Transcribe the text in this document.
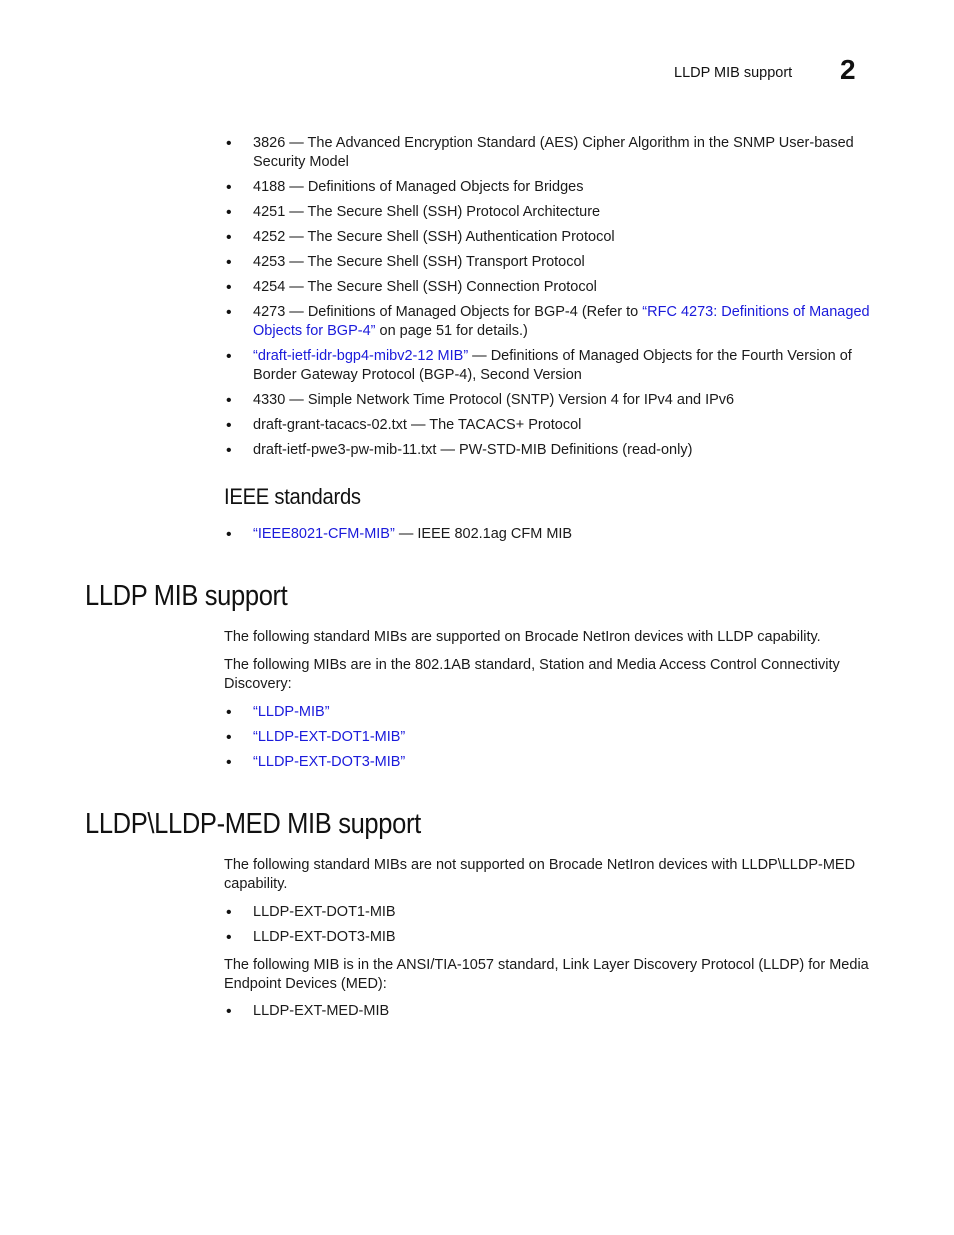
LLDP MIB support 2
• 3826 — The Advanced Encryption Standard (AES) Cipher Algorithm in the SNMP User-based Security Model
• 4188 — Definitions of Managed Objects for Bridges
• 4251 — The Secure Shell (SSH) Protocol Architecture
• 4252 — The Secure Shell (SSH) Authentication Protocol
• 4253 — The Secure Shell (SSH) Transport Protocol
• 4254 — The Secure Shell (SSH) Connection Protocol
• 4273 — Definitions of Managed Objects for BGP-4 (Refer to “RFC 4273: Definitions of Managed Objects for BGP-4” on page 51 for details.)
• “draft-ietf-idr-bgp4-mibv2-12 MIB” — Definitions of Managed Objects for the Fourth Version of Border Gateway Protocol (BGP-4), Second Version
• 4330 — Simple Network Time Protocol (SNTP) Version 4 for IPv4 and IPv6
• draft-grant-tacacs-02.txt — The TACACS+ Protocol
• draft-ietf-pwe3-pw-mib-11.txt — PW-STD-MIB Definitions (read-only)
IEEE standards
• “IEEE8021-CFM-MIB” — IEEE 802.1ag CFM MIB
LLDP MIB support

The following standard MIBs are supported on Brocade NetIron devices with LLDP capability.

The following MIBs are in the 802.1AB standard, Station and Media Access Control Connectivity Discovery:

• “LLDP-MIB”
• “LLDP-EXT-DOT1-MIB”
• “LLDP-EXT-DOT3-MIB”
LLDP\LLDP-MED MIB support

The following standard MIBs are not supported on Brocade NetIron devices with LLDP\LLDP-MED capability.

• LLDP-EXT-DOT1-MIB
• LLDP-EXT-DOT3-MIB

The following MIB is in the ANSI/TIA-1057 standard, Link Layer Discovery Protocol (LLDP) for Media Endpoint Devices (MED):

• LLDP-EXT-MED-MIB
